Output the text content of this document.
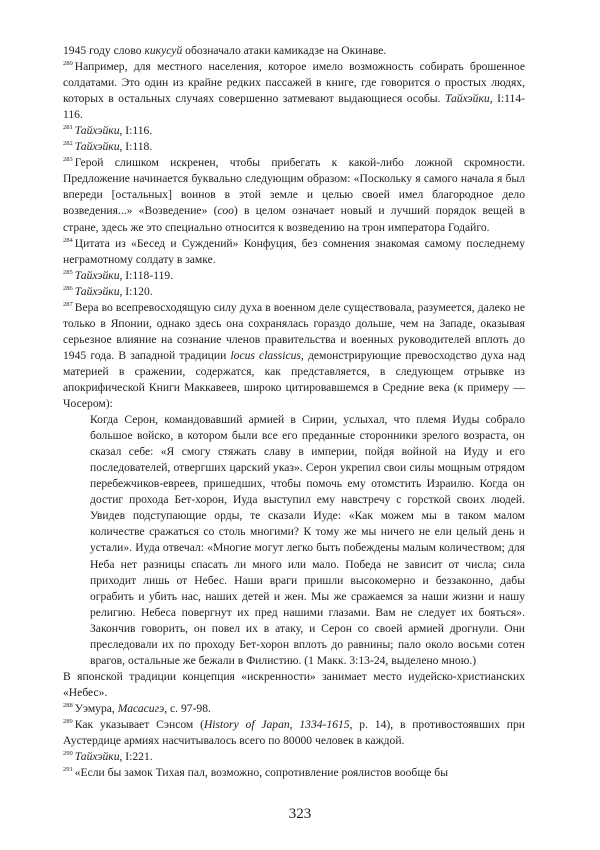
1945 году слово кикусуй обозначало атаки камикадзе на Окинаве.

$^{280}$ Например, для местного населения, которое имело возможность собирать брошенное солдатами. Это один из крайне редких пассажей в книге, где говорится о простых людях, которых в остальных случаях совершенно затмевают выдающиеся особы. Тайхэйки, I:114-116.

$^{281}$ Тайхэйки, I:116.

$^{282}$ Тайхэйки, I:118.

$^{283}$ Герой слишком искренен, чтобы прибегать к какой-либо ложной скромности. Предложение начинается буквально следующим образом: «Поскольку я самого начала я был впереди [остальных] воинов в этой земле и целью своей имел благородное дело возведения...» «Возведение» (соо) в целом означает новый и лучший порядок вещей в стране, здесь же это специально относится к возведению на трон императора Годайго.

$^{284}$ Цитата из «Бесед и Суждений» Конфуция, без сомнения знакомая самому последнему неграмотному солдату в замке.

$^{285}$ Тайхэйки, I:118-119.

$^{286}$ Тайхэйки, I:120.

$^{287}$ Вера во всепревосходящую силу духа в военном деле существовала, разумеется, далеко не только в Японии, однако здесь она сохранялась гораздо дольше, чем на Западе, оказывая серьезное влияние на сознание членов правительства и военных руководителей вплоть до 1945 года. В западной традиции locus classicus, демонстрирующие превосходство духа над материей в сражении, содержатся, как представляется, в следующем отрывке из апокрифической Книги Маккавеев, широко цитировавшемся в Средние века (к примеру — Чосером):

Когда Серон, командовавший армией в Сирии, услыхал, что племя Иуды собрало большое войско, в котором были все его преданные сторонники зрелого возраста, он сказал себе: «Я смогу стяжать славу в империи, пойдя войной на Иуду и его последователей, отвергших царский указ». Серон укрепил свои силы мощным отрядом перебежчиков-евреев, пришедших, чтобы помочь ему отомстить Израилю. Когда он достиг прохода Бет-хорон, Иуда выступил ему навстречу с горсткой своих людей. Увидев подступающие орды, те сказали Иуде: «Как можем мы в таком малом количестве сражаться со столь многими? К тому же мы ничего не ели целый день и устали». Иуда отвечал: «Многие могут легко быть побеждены малым количеством; для Неба нет разницы спасать ли много или мало. Победа не зависит от числа; сила приходит лишь от Небес. Наши враги пришли высокомерно и беззаконно, дабы ограбить и убить нас, наших детей и жен. Мы же сражаемся за наши жизни и нашу религию. Небеса повергнут их пред нашими глазами. Вам не следует их бояться». Закончив говорить, он повел их в атаку, и Серон со своей армией дрогнули. Они преследовали их по проходу Бет-хорон вплоть до равнины; пало около восьми сотен врагов, остальные же бежали в Филистию. (1 Макк. 3:13-24, выделено мною.)

В японской традиции концепция «искренности» занимает место иудейско-христианских «Небес».

$^{288}$ Уэмура, Масасигэ, с. 97-98.

$^{289}$ Как указывает Сэнсом (History of Japan, 1334-1615, р. 14), в противостоявших при Аустердице армиях насчитывалось всего по 80000 человек в каждой.

$^{290}$ Тайхэйки, I:221.

$^{291}$ «Если бы замок Тихая пал, возможно, сопротивление роялистов вообще бы

323
